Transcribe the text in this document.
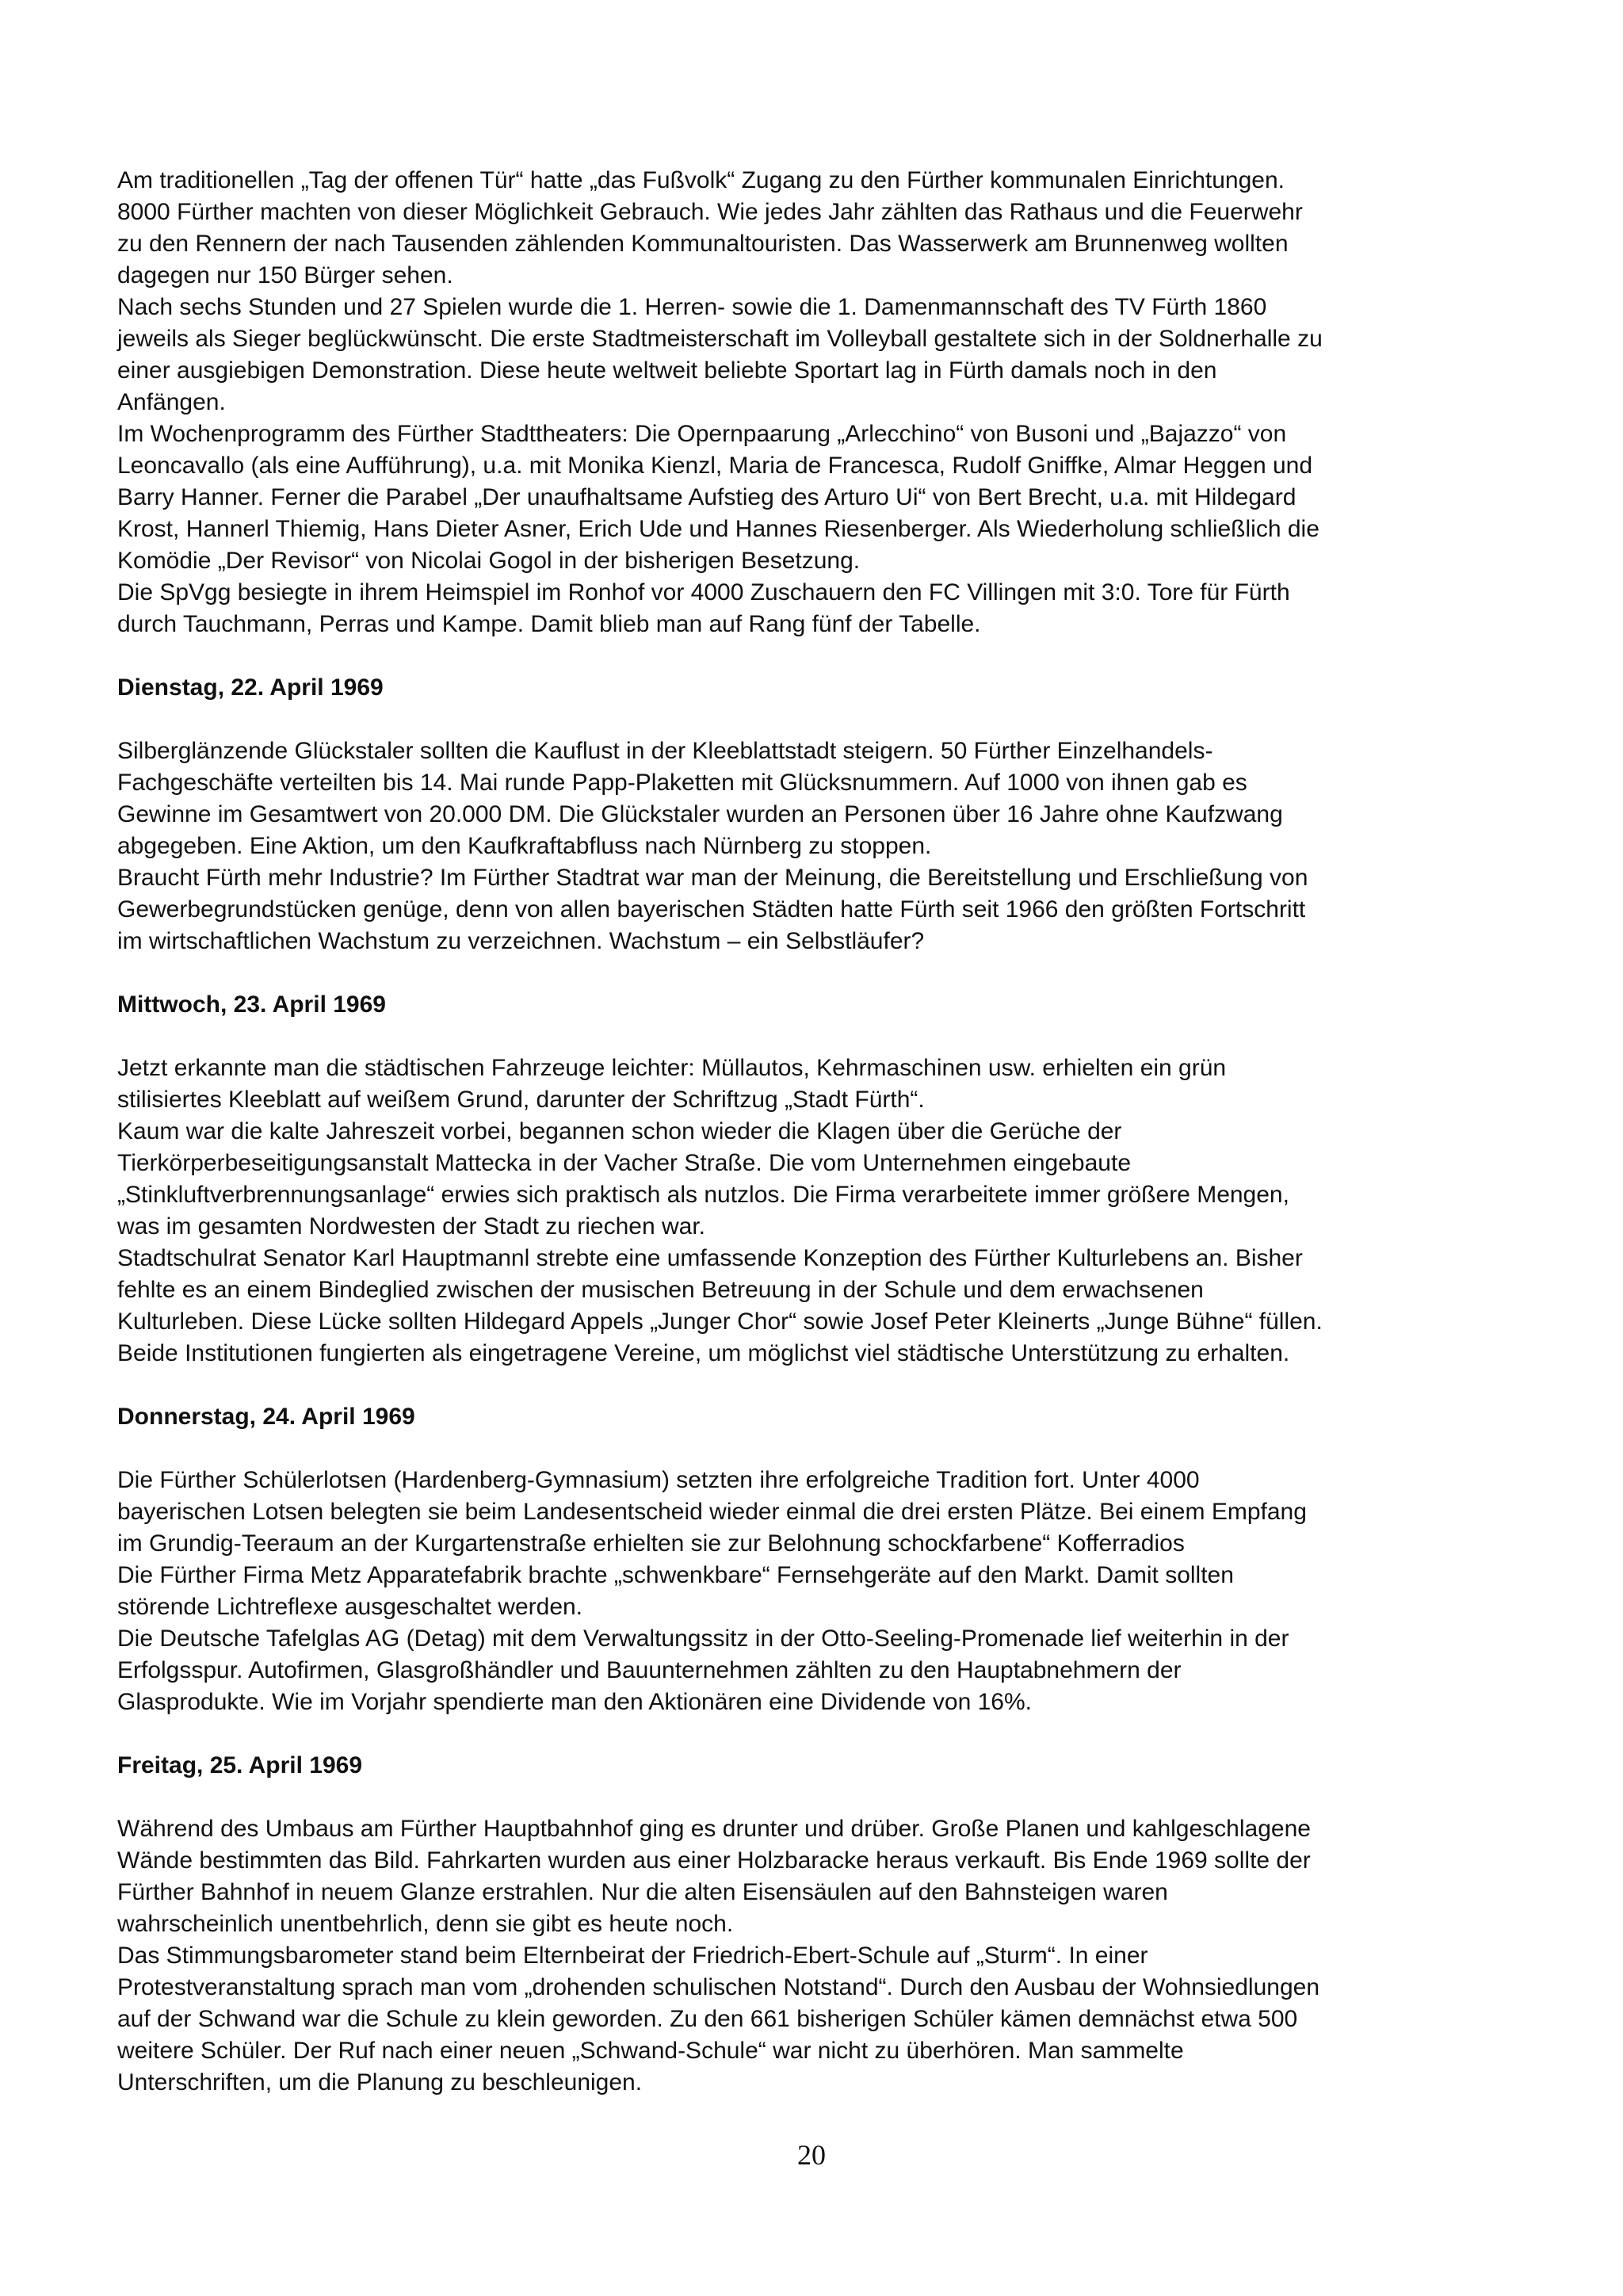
Am traditionellen „Tag der offenen Tür“ hatte „das Fußvolk“ Zugang zu den Fürther kommunalen Einrichtungen.
8000 Fürther machten von dieser Möglichkeit Gebrauch. Wie jedes Jahr zählten das Rathaus und die Feuerwehr
zu den Rennern der nach Tausenden zählenden Kommunaltouristen. Das Wasserwerk am Brunnenweg wollten
dagegen nur 150 Bürger sehen.
Nach sechs Stunden und 27 Spielen wurde die 1. Herren- sowie die 1. Damenmannschaft des TV Fürth 1860
jeweils als Sieger beglückwünscht. Die erste Stadtmeisterschaft im Volleyball gestaltete sich in der Soldnerhalle zu
einer ausgiebigen Demonstration. Diese heute weltweit beliebte Sportart lag in Fürth damals noch in den
Anfängen.
Im Wochenprogramm des Fürther Stadttheaters: Die Opernpaarung „Arlecchino“ von Busoni und „Bajazzo“ von
Leoncavallo (als eine Aufführung), u.a. mit Monika Kienzl, Maria de Francesca, Rudolf Gniffke, Almar Heggen und
Barry Hanner. Ferner die Parabel „Der unaufhaltsame Aufstieg des Arturo Ui“ von Bert Brecht, u.a. mit Hildegard
Krost, Hannerl Thiemig, Hans Dieter Asner, Erich Ude und Hannes Riesenberger. Als Wiederholung schließlich die
Komödie „Der Revisor“ von Nicolai Gogol in der bisherigen Besetzung.
Die SpVgg besiegte in ihrem Heimspiel im Ronhof vor 4000 Zuschauern den FC Villingen mit 3:0. Tore für Fürth
durch Tauchmann, Perras und Kampe. Damit blieb man auf Rang fünf der Tabelle.

Dienstag, 22. April 1969

Silberglänzende Glückstaler sollten die Kauflust in der Kleeblattstadt steigern. 50 Fürther Einzelhandels-
Fachgeschäfte verteilten bis 14. Mai runde Papp-Plaketten mit Glücksnummern. Auf 1000 von ihnen gab es
Gewinne im Gesamtwert von 20.000 DM. Die Glückstaler wurden an Personen über 16 Jahre ohne Kaufzwang
abgegeben. Eine Aktion, um den Kaufkraftabfluss nach Nürnberg zu stoppen.
Braucht Fürth mehr Industrie? Im Fürther Stadtrat war man der Meinung, die Bereitstellung und Erschließung von
Gewerbegrundstücken genüge, denn von allen bayerischen Städten hatte Fürth seit 1966 den größten Fortschritt
im wirtschaftlichen Wachstum zu verzeichnen. Wachstum – ein Selbstläufer?

Mittwoch, 23. April 1969

Jetzt erkannte man die städtischen Fahrzeuge leichter: Müllautos, Kehrmaschinen usw. erhielten ein grün
stilisiertes Kleeblatt auf weißem Grund, darunter der Schriftzug „Stadt Fürth“.
Kaum war die kalte Jahreszeit vorbei, begannen schon wieder die Klagen über die Gerüche der
Tierkörperbeseitigungsanstalt Mattecka in der Vacher Straße. Die vom Unternehmen eingebaute
„Stinkluftverbrennungsanlage“ erwies sich praktisch als nutzlos. Die Firma verarbeitete immer größere Mengen,
was im gesamten Nordwesten der Stadt zu riechen war.
Stadtschulrat Senator Karl Hauptmannl strebte eine umfassende Konzeption des Fürther Kulturlebens an. Bisher
fehlte es an einem Bindeglied zwischen der musischen Betreuung in der Schule und dem erwachsenen
Kulturleben. Diese Lücke sollten Hildegard Appels „Junger Chor“ sowie Josef Peter Kleinerts „Junge Bühne“ füllen.
Beide Institutionen fungierten als eingetragene Vereine, um möglichst viel städtische Unterstützung zu erhalten.

Donnerstag, 24. April 1969

Die Fürther Schülerlotsen (Hardenberg-Gymnasium) setzten ihre erfolgreiche Tradition fort. Unter 4000
bayerischen Lotsen belegten sie beim Landesentscheid wieder einmal die drei ersten Plätze. Bei einem Empfang
im Grundig-Teeraum an der Kurgartenstraße erhielten sie zur Belohnung schockfarbene“ Kofferradios
Die Fürther Firma Metz Apparatefabrik brachte „schwenkbare“ Fernsehgeräte auf den Markt. Damit sollten
störende Lichtreflexe ausgeschaltet werden.
Die Deutsche Tafelglas AG (Detag) mit dem Verwaltungssitz in der Otto-Seeling-Promenade lief weiterhin in der
Erfolgsspur. Autofirmen, Glasgroßhändler und Bauunternehmen zählten zu den Hauptabnehmern der
Glasprodukte. Wie im Vorjahr spendierte man den Aktionären eine Dividende von 16%.

Freitag, 25. April 1969

Während des Umbaus am Fürther Hauptbahnhof ging es drunter und drüber. Große Planen und kahlgeschlagene
Wände bestimmten das Bild. Fahrkarten wurden aus einer Holzbaracke heraus verkauft. Bis Ende 1969 sollte der
Fürther Bahnhof in neuem Glanze erstrahlen. Nur die alten Eisensäulen auf den Bahnsteigen waren
wahrscheinlich unentbehrlich, denn sie gibt es heute noch.
Das Stimmungsbarometer stand beim Elternbeirat der Friedrich-Ebert-Schule auf „Sturm“. In einer
Protestveranstaltung sprach man vom „drohenden schulischen Notstand“. Durch den Ausbau der Wohnsiedlungen
auf der Schwand war die Schule zu klein geworden. Zu den 661 bisherigen Schüler kämen demnächst etwa 500
weitere Schüler. Der Ruf nach einer neuen „Schwand-Schule“ war nicht zu überhören. Man sammelte
Unterschriften, um die Planung zu beschleunigen.

20
